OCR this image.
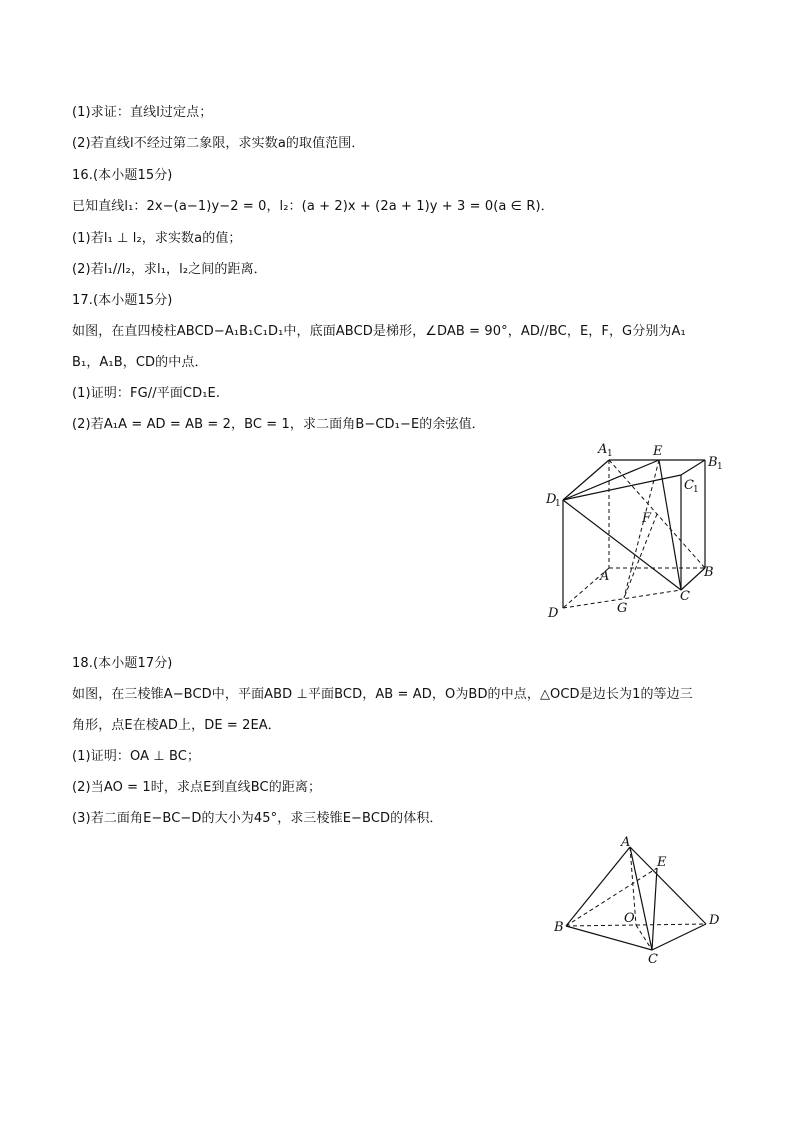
(1)求证：直线l过定点；
(2)若直线l不经过第二象限，求实数a的取值范围．
16.(本小题15分)
已知直线l₁：2x−(a−1)y−2 = 0，l₂：(a + 2)x + (2a + 1)y + 3 = 0(a ∈ R)．
(1)若l₁ ⊥ l₂，求实数a的值；
(2)若l₁//l₂，求l₁，l₂之间的距离．
17.(本小题15分)
如图，在直四棱柱ABCD−A₁B₁C₁D₁中，底面ABCD是梯形，∠DAB = 90°，AD//BC，E，F，G分别为A₁
B₁，A₁B，CD的中点．
(1)证明：FG//平面CD₁E.
(2)若A₁A = AD = AB = 2，BC = 1，求二面角B−CD₁−E的余弦值．
18.(本小题17分)
如图，在三棱锥A−BCD中，平面ABD ⊥平面BCD，AB = AD，O为BD的中点，△OCD是边长为1的等边三
角形，点E在棱AD上，DE = 2EA．
(1)证明：OA ⊥ BC；
(2)当AO = 1时，求点E到直线BC的距离；
(3)若二面角E−BC−D的大小为45°，求三棱锥E−BCD的体积．
A 1	E
B 1
C 1
D
1
F
A	B
C
D	G
A
E
B
O	D
C
